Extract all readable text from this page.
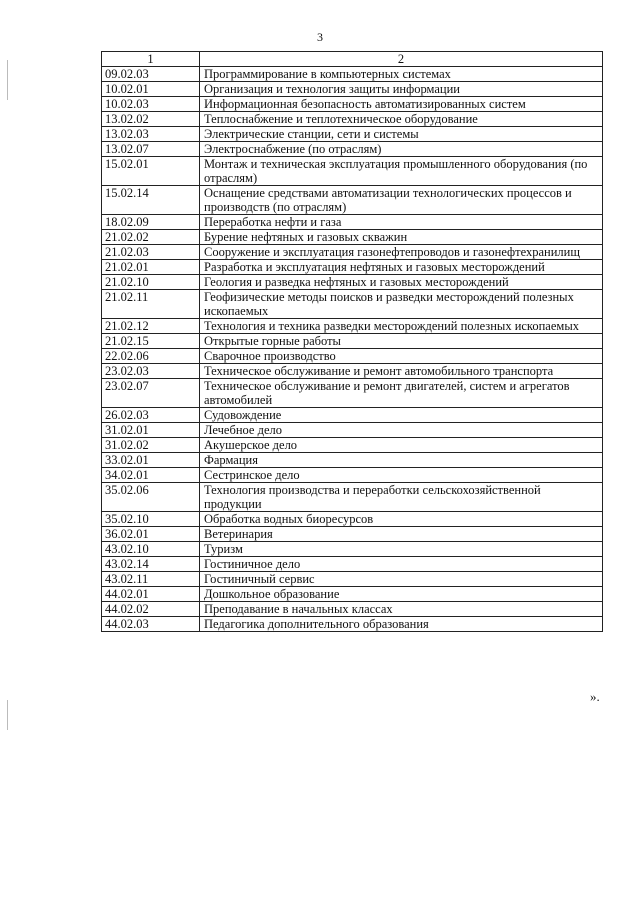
3
1	2
09.02.03	Программирование в компьютерных системах
10.02.01	Организация и технология защиты информации
10.02.03	Информационная безопасность автоматизированных систем
13.02.02	Теплоснабжение и теплотехническое оборудование
13.02.03	Электрические станции, сети и системы
13.02.07	Электроснабжение (по отраслям)
15.02.01	Монтаж и техническая эксплуатация промышленного оборудования (по отраслям)
15.02.14	Оснащение средствами автоматизации технологических процессов и производств (по отраслям)
18.02.09	Переработка нефти и газа
21.02.02	Бурение нефтяных и газовых скважин
21.02.03	Сооружение и эксплуатация газонефтепроводов и газонефтехранилищ
21.02.01	Разработка и эксплуатация нефтяных и газовых месторождений
21.02.10	Геология и разведка нефтяных и газовых месторождений
21.02.11	Геофизические методы поисков и разведки месторождений полезных ископаемых
21.02.12	Технология и техника разведки месторождений полезных ископаемых
21.02.15	Открытые горные работы
22.02.06	Сварочное производство
23.02.03	Техническое обслуживание и ремонт автомобильного транспорта
23.02.07	Техническое обслуживание и ремонт двигателей, систем и агрегатов автомобилей
26.02.03	Судовождение
31.02.01	Лечебное дело
31.02.02	Акушерское дело
33.02.01	Фармация
34.02.01	Сестринское дело
35.02.06	Технология производства и переработки сельскохозяйственной продукции
35.02.10	Обработка водных биоресурсов
36.02.01	Ветеринария
43.02.10	Туризм
43.02.14	Гостиничное дело
43.02.11	Гостиничный сервис
44.02.01	Дошкольное образование
44.02.02	Преподавание в начальных классах
44.02.03	Педагогика дополнительного образования
».
